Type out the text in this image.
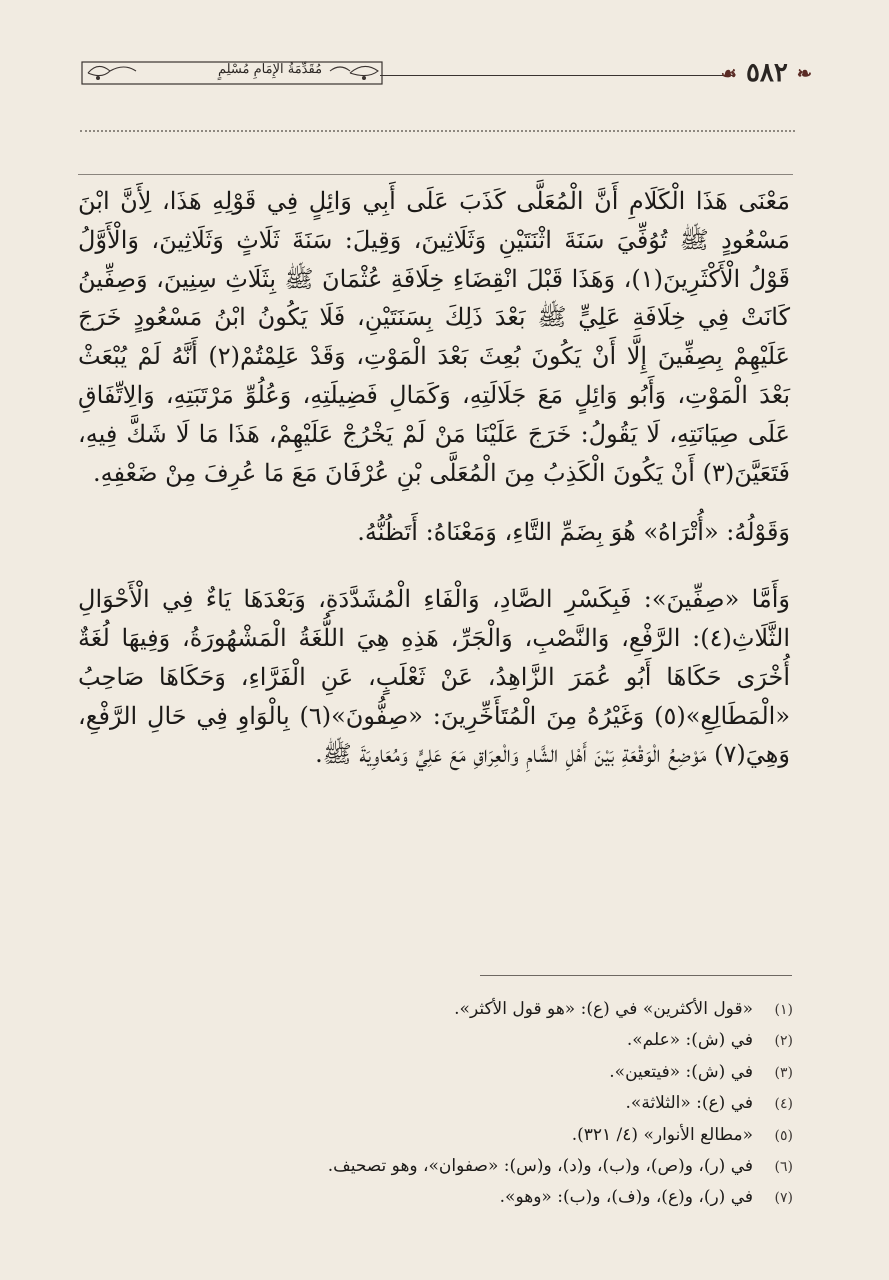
مُقَدِّمَةُ الإِمَامِ مُسْلِمٍ	❧ ٥٨٢ ☙

مَعْنَى هَذَا الْكَلَامِ أَنَّ الْمُعَلَّى كَذَبَ عَلَى أَبِي وَائِلٍ فِي قَوْلِهِ هَذَا، لِأَنَّ ابْنَ مَسْعُودٍ ﷺ تُوُفِّيَ سَنَةَ اثْنَتَيْنِ وَثَلَاثِينَ، وَقِيلَ: سَنَةَ ثَلَاثٍ وَثَلَاثِينَ، وَالْأَوَّلُ قَوْلُ الْأَكْثَرِينَ(١)، وَهَذَا قَبْلَ انْقِضَاءِ خِلَافَةِ عُثْمَانَ ﷺ بِثَلَاثِ سِنِينَ، وَصِفِّينُ كَانَتْ فِي خِلَافَةِ عَلِيٍّ ﷺ بَعْدَ ذَلِكَ بِسَنَتَيْنِ، فَلَا يَكُونُ ابْنُ مَسْعُودٍ خَرَجَ عَلَيْهِمْ بِصِفِّينَ إِلَّا أَنْ يَكُونَ بُعِثَ بَعْدَ الْمَوْتِ، وَقَدْ عَلِمْتُمْ(٢) أَنَّهُ لَمْ يُبْعَثْ بَعْدَ الْمَوْتِ، وَأَبُو وَائِلٍ مَعَ جَلَالَتِهِ، وَكَمَالِ فَضِيلَتِهِ، وَعُلُوِّ مَرْتَبَتِهِ، وَالِاتِّفَاقِ عَلَى صِيَانَتِهِ، لَا يَقُولُ: خَرَجَ عَلَيْنَا مَنْ لَمْ يَخْرُجْ عَلَيْهِمْ، هَذَا مَا لَا شَكَّ فِيهِ، فَتَعَيَّنَ(٣) أَنْ يَكُونَ الْكَذِبُ مِنَ الْمُعَلَّى بْنِ عُرْفَانَ مَعَ مَا عُرِفَ مِنْ ضَعْفِهِ.

وَقَوْلُهُ: «أُتْرَاهُ» هُوَ بِضَمِّ التَّاءِ، وَمَعْنَاهُ: أَتَظُنُّهُ.

وَأَمَّا «صِفِّينَ»: فَبِكَسْرِ الصَّادِ، وَالْفَاءِ الْمُشَدَّدَةِ، وَبَعْدَهَا يَاءٌ فِي الْأَحْوَالِ الثَّلَاثِ(٤): الرَّفْعِ، وَالنَّصْبِ، وَالْجَرِّ، هَذِهِ هِيَ اللُّغَةُ الْمَشْهُورَةُ، وَفِيهَا لُغَةٌ أُخْرَى حَكَاهَا أَبُو عُمَرَ الزَّاهِدُ، عَنْ ثَعْلَبٍ، عَنِ الْفَرَّاءِ، وَحَكَاهَا صَاحِبُ «الْمَطَالِعِ»(٥) وَغَيْرُهُ مِنَ الْمُتَأَخِّرِينَ: «صِفُّونَ»(٦) بِالْوَاوِ فِي حَالِ الرَّفْعِ، وَهِيَ(٧) مَوْضِعُ الْوَقْعَةِ بَيْنَ أَهْلِ الشَّامِ وَالْعِرَاقِ مَعَ عَلِيٍّ وَمُعَاوِيَةَ ﷺ.

(١)«قول الأكثرين» في (ع): «هو قول الأكثر».
(٢)في (ش): «علم».
(٣)في (ش): «فيتعين».
(٤)في (ع): «الثلاثة».
(٥)«مطالع الأنوار» (٤/ ٣٢١).
(٦)في (ر)، و(ص)، و(ب)، و(د)، و(س): «صفوان»، وهو تصحيف.
(٧)في (ر)، و(ع)، و(ف)، و(ب): «وهو».
